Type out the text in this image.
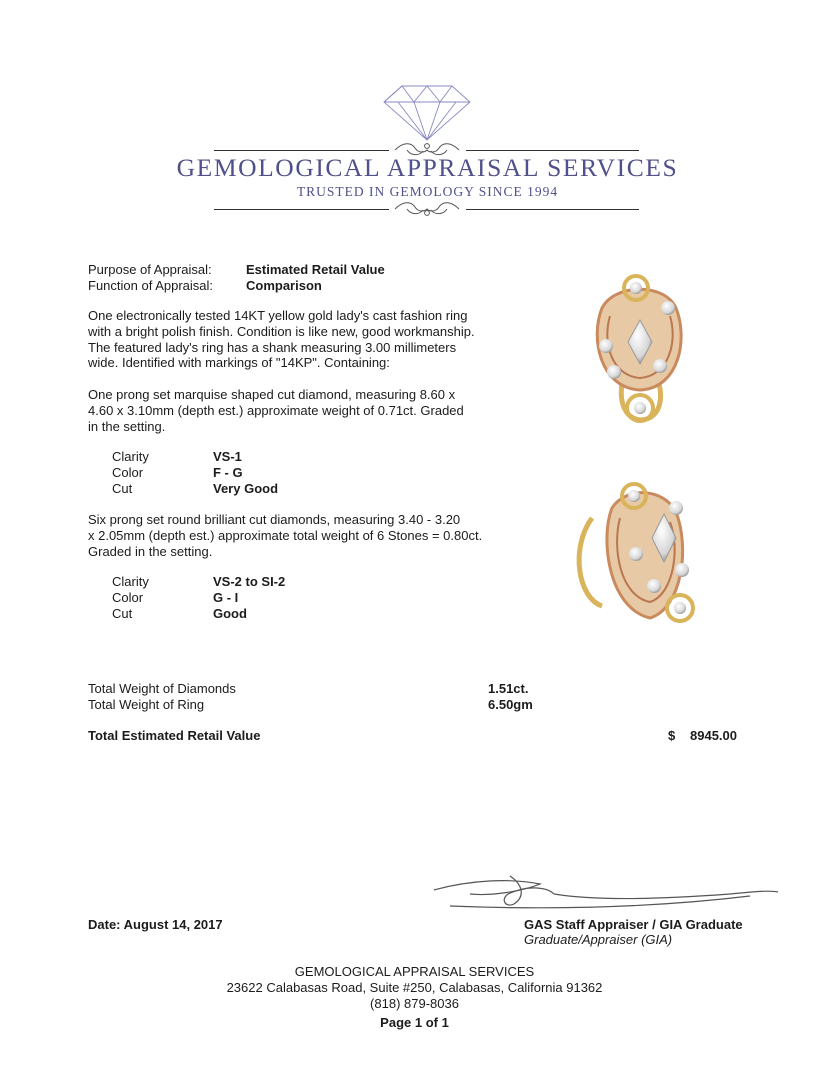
GEMOLOGICAL APPRAISAL SERVICES
TRUSTED IN GEMOLOGY SINCE 1994
Purpose of Appraisal:	Estimated Retail Value
Function of Appraisal:	Comparison
One electronically tested 14KT yellow gold lady's cast fashion ring
with a bright polish finish. Condition is like new, good workmanship.
The featured lady's ring has a shank measuring 3.00 millimeters
wide. Identified with markings of "14KP". Containing:
One prong set marquise shaped cut diamond, measuring 8.60 x
4.60 x 3.10mm (depth est.) approximate weight of 0.71ct. Graded
in the setting.
Clarity	VS-1
Color	F - G
Cut	Very Good
Six prong set round brilliant cut diamonds, measuring 3.40 - 3.20
x 2.05mm (depth est.) approximate total weight of 6 Stones = 0.80ct.
Graded in the setting.
Clarity	VS-2 to SI-2
Color	G - I
Cut	Good
Total Weight of Diamonds	1.51ct.
Total Weight of Ring	6.50gm
Total Estimated Retail Value	$ 8945.00
Date: August 14, 2017	GAS Staff Appraiser / GIA Graduate
Graduate/Appraiser (GIA)
GEMOLOGICAL APPRAISAL SERVICES
23622 Calabasas Road, Suite #250, Calabasas, California 91362
(818) 879-8036
Page 1 of 1
